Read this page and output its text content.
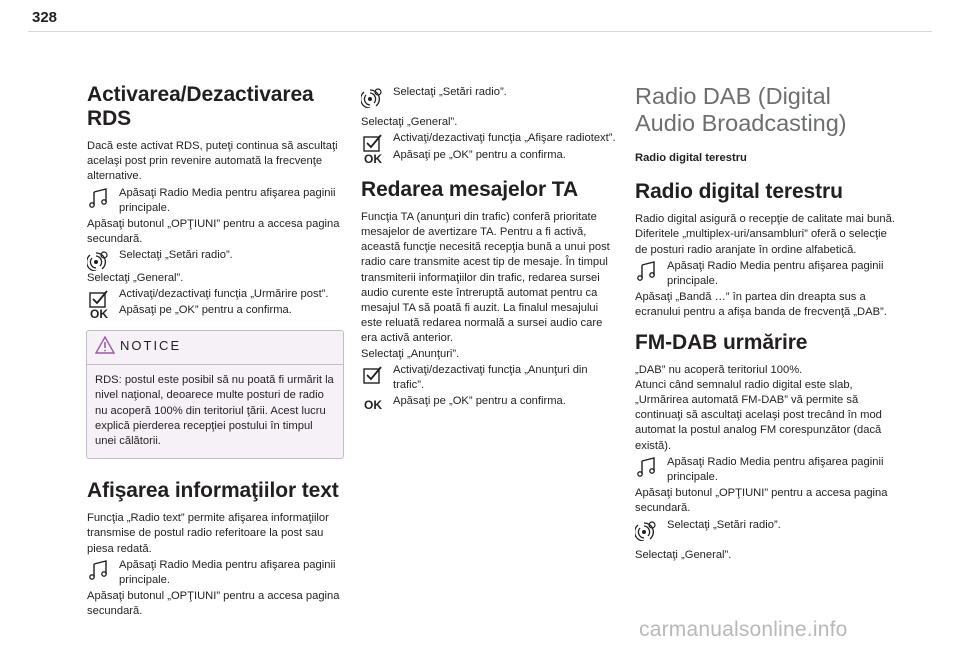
328
Activarea/Dezactivarea RDS

Dacă este activat RDS, puteţi continua să ascultaţi acelaşi post prin revenire automată la frecvenţe alternative.

Apăsaţi Radio Media pentru afişarea paginii principale.

Apăsaţi butonul „OPŢIUNI” pentru a accesa pagina secundară.

Selectaţi „Setări radio”.

Selectaţi „General”.

Activaţi/dezactivaţi funcţia „Urmărire post”.
OK Apăsaţi pe „OK” pentru a confirma.
NOTICE
RDS: postul este posibil să nu poată fi urmărit la nivel naţional, deoarece multe posturi de radio nu acoperă 100% din teritoriul ţării. Acest lucru explică pierderea recepţiei postului în timpul unei călătorii.
Afişarea informaţiilor text

Funcţia „Radio text” permite afişarea informaţiilor transmise de postul radio referitoare la post sau piesa redată.

Apăsaţi Radio Media pentru afişarea paginii principale.

Apăsaţi butonul „OPŢIUNI” pentru a accesa pagina secundară.

Selectaţi „Setări radio”.

Selectaţi „General”.

Activaţi/dezactivaţi funcţia „Afişare radiotext”.
OK Apăsaţi pe „OK” pentru a confirma.
Redarea mesajelor TA

Funcţia TA (anunţuri din trafic) conferă prioritate mesajelor de avertizare TA. Pentru a fi activă, această funcţie necesită recepţia bună a unui post radio care transmite acest tip de mesaje. În timpul transmiterii informaţiilor din trafic, redarea sursei audio curente este întreruptă automat pentru ca mesajul TA să poată fi auzit. La finalul mesajului este reluată redarea normală a sursei audio care era activă anterior.

Selectaţi „Anunţuri”.

Activaţi/dezactivaţi funcţia „Anunţuri din trafic”.
OK Apăsaţi pe „OK” pentru a confirma.
Radio DAB (Digital Audio Broadcasting)

Radio digital terestru

Radio digital terestru

Radio digital asigură o recepţie de calitate mai bună.

Diferitele „multiplex-uri/ansambluri” oferă o selecţie de posturi radio aranjate în ordine alfabetică.

Apăsaţi Radio Media pentru afişarea paginii principale.

Apăsaţi „Bandă …” în partea din dreapta sus a ecranului pentru a afişa banda de frecvenţă „DAB”.

FM-DAB urmărire

„DAB” nu acoperă teritoriul 100%.

Atunci când semnalul radio digital este slab, „Urmărirea automată FM-DAB” vă permite să continuaţi să ascultaţi acelaşi post trecând în mod automat la postul analog FM corespunzător (dacă există).

Apăsaţi Radio Media pentru afişarea paginii principale.

Apăsaţi butonul „OPŢIUNI” pentru a accesa pagina secundară.

Selectaţi „Setări radio”.

Selectaţi „General”.

carmanualsonline.info
